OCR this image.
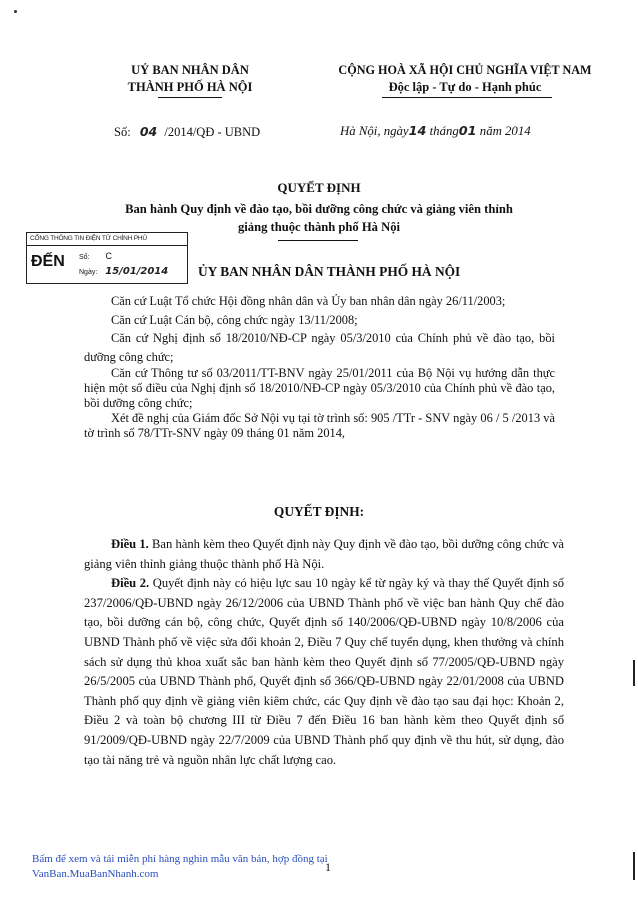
UỶ BAN NHÂN DÂN
THÀNH PHỐ HÀ NỘI
CỘNG HOÀ XÃ HỘI CHỦ NGHĨA VIỆT NAM
Độc lập - Tự do - Hạnh phúc
Số: 04 /2014/QĐ - UBND	Hà Nội, ngày14 tháng01 năm 2014
QUYẾT ĐỊNH
Ban hành Quy định về đào tạo, bồi dưỡng công chức và giảng viên thỉnh
giảng thuộc thành phố Hà Nội
CỔNG THÔNG TIN ĐIỆN TỬ CHÍNH PHỦ
ĐẾN Số: C
Ngày: 15/01/2014 ỦY BAN NHÂN DÂN THÀNH PHỐ HÀ NỘI

Căn cứ Luật Tổ chức Hội đồng nhân dân và Ủy ban nhân dân ngày 26/11/2003;

Căn cứ Luật Cán bộ, công chức ngày 13/11/2008;

Căn cứ Nghị định số 18/2010/NĐ-CP ngày 05/3/2010 của Chính phủ về đào tạo, bồi dưỡng công chức;

Căn cứ Thông tư số 03/2011/TT-BNV ngày 25/01/2011 của Bộ Nội vụ hướng dẫn thực hiện một số điều của Nghị định số 18/2010/NĐ-CP ngày 05/3/2010 của Chính phủ về đào tạo, bồi dưỡng công chức;

Xét đề nghị của Giám đốc Sở Nội vụ tại tờ trình số: 905 /TTr - SNV ngày 06 / 5 /2013 và tờ trình số 78/TTr-SNV ngày 09 tháng 01 năm 2014,

QUYẾT ĐỊNH:

Điều 1. Ban hành kèm theo Quyết định này Quy định về đào tạo, bồi dưỡng công chức và giảng viên thỉnh giảng thuộc thành phố Hà Nội.

Điều 2. Quyết định này có hiệu lực sau 10 ngày kể từ ngày ký và thay thế Quyết định số 237/2006/QĐ-UBND ngày 26/12/2006 của UBND Thành phố về việc ban hành Quy chế đào tạo, bồi dưỡng cán bộ, công chức, Quyết định số 140/2006/QĐ-UBND ngày 10/8/2006 của UBND Thành phố về việc sửa đổi khoản 2, Điều 7 Quy chế tuyển dụng, khen thưởng và chính sách sử dụng thủ khoa xuất sắc ban hành kèm theo Quyết định số 77/2005/QĐ-UBND ngày 26/5/2005 của UBND Thành phố, Quyết định số 366/QĐ-UBND ngày 22/01/2008 của UBND Thành phố quy định về giảng viên kiêm chức, các Quy định về đào tạo sau đại học: Khoản 2, Điều 2 và toàn bộ chương III từ Điều 7 đến Điều 16 ban hành kèm theo Quyết định số 91/2009/QĐ-UBND ngày 22/7/2009 của UBND Thành phố quy định về thu hút, sử dụng, đào tạo tài năng trẻ và nguồn nhân lực chất lượng cao.

Bấm để xem và tải miễn phí hàng nghìn mẫu văn bản, hợp đồng tại
VanBan.MuaBanNhanh.com	1
